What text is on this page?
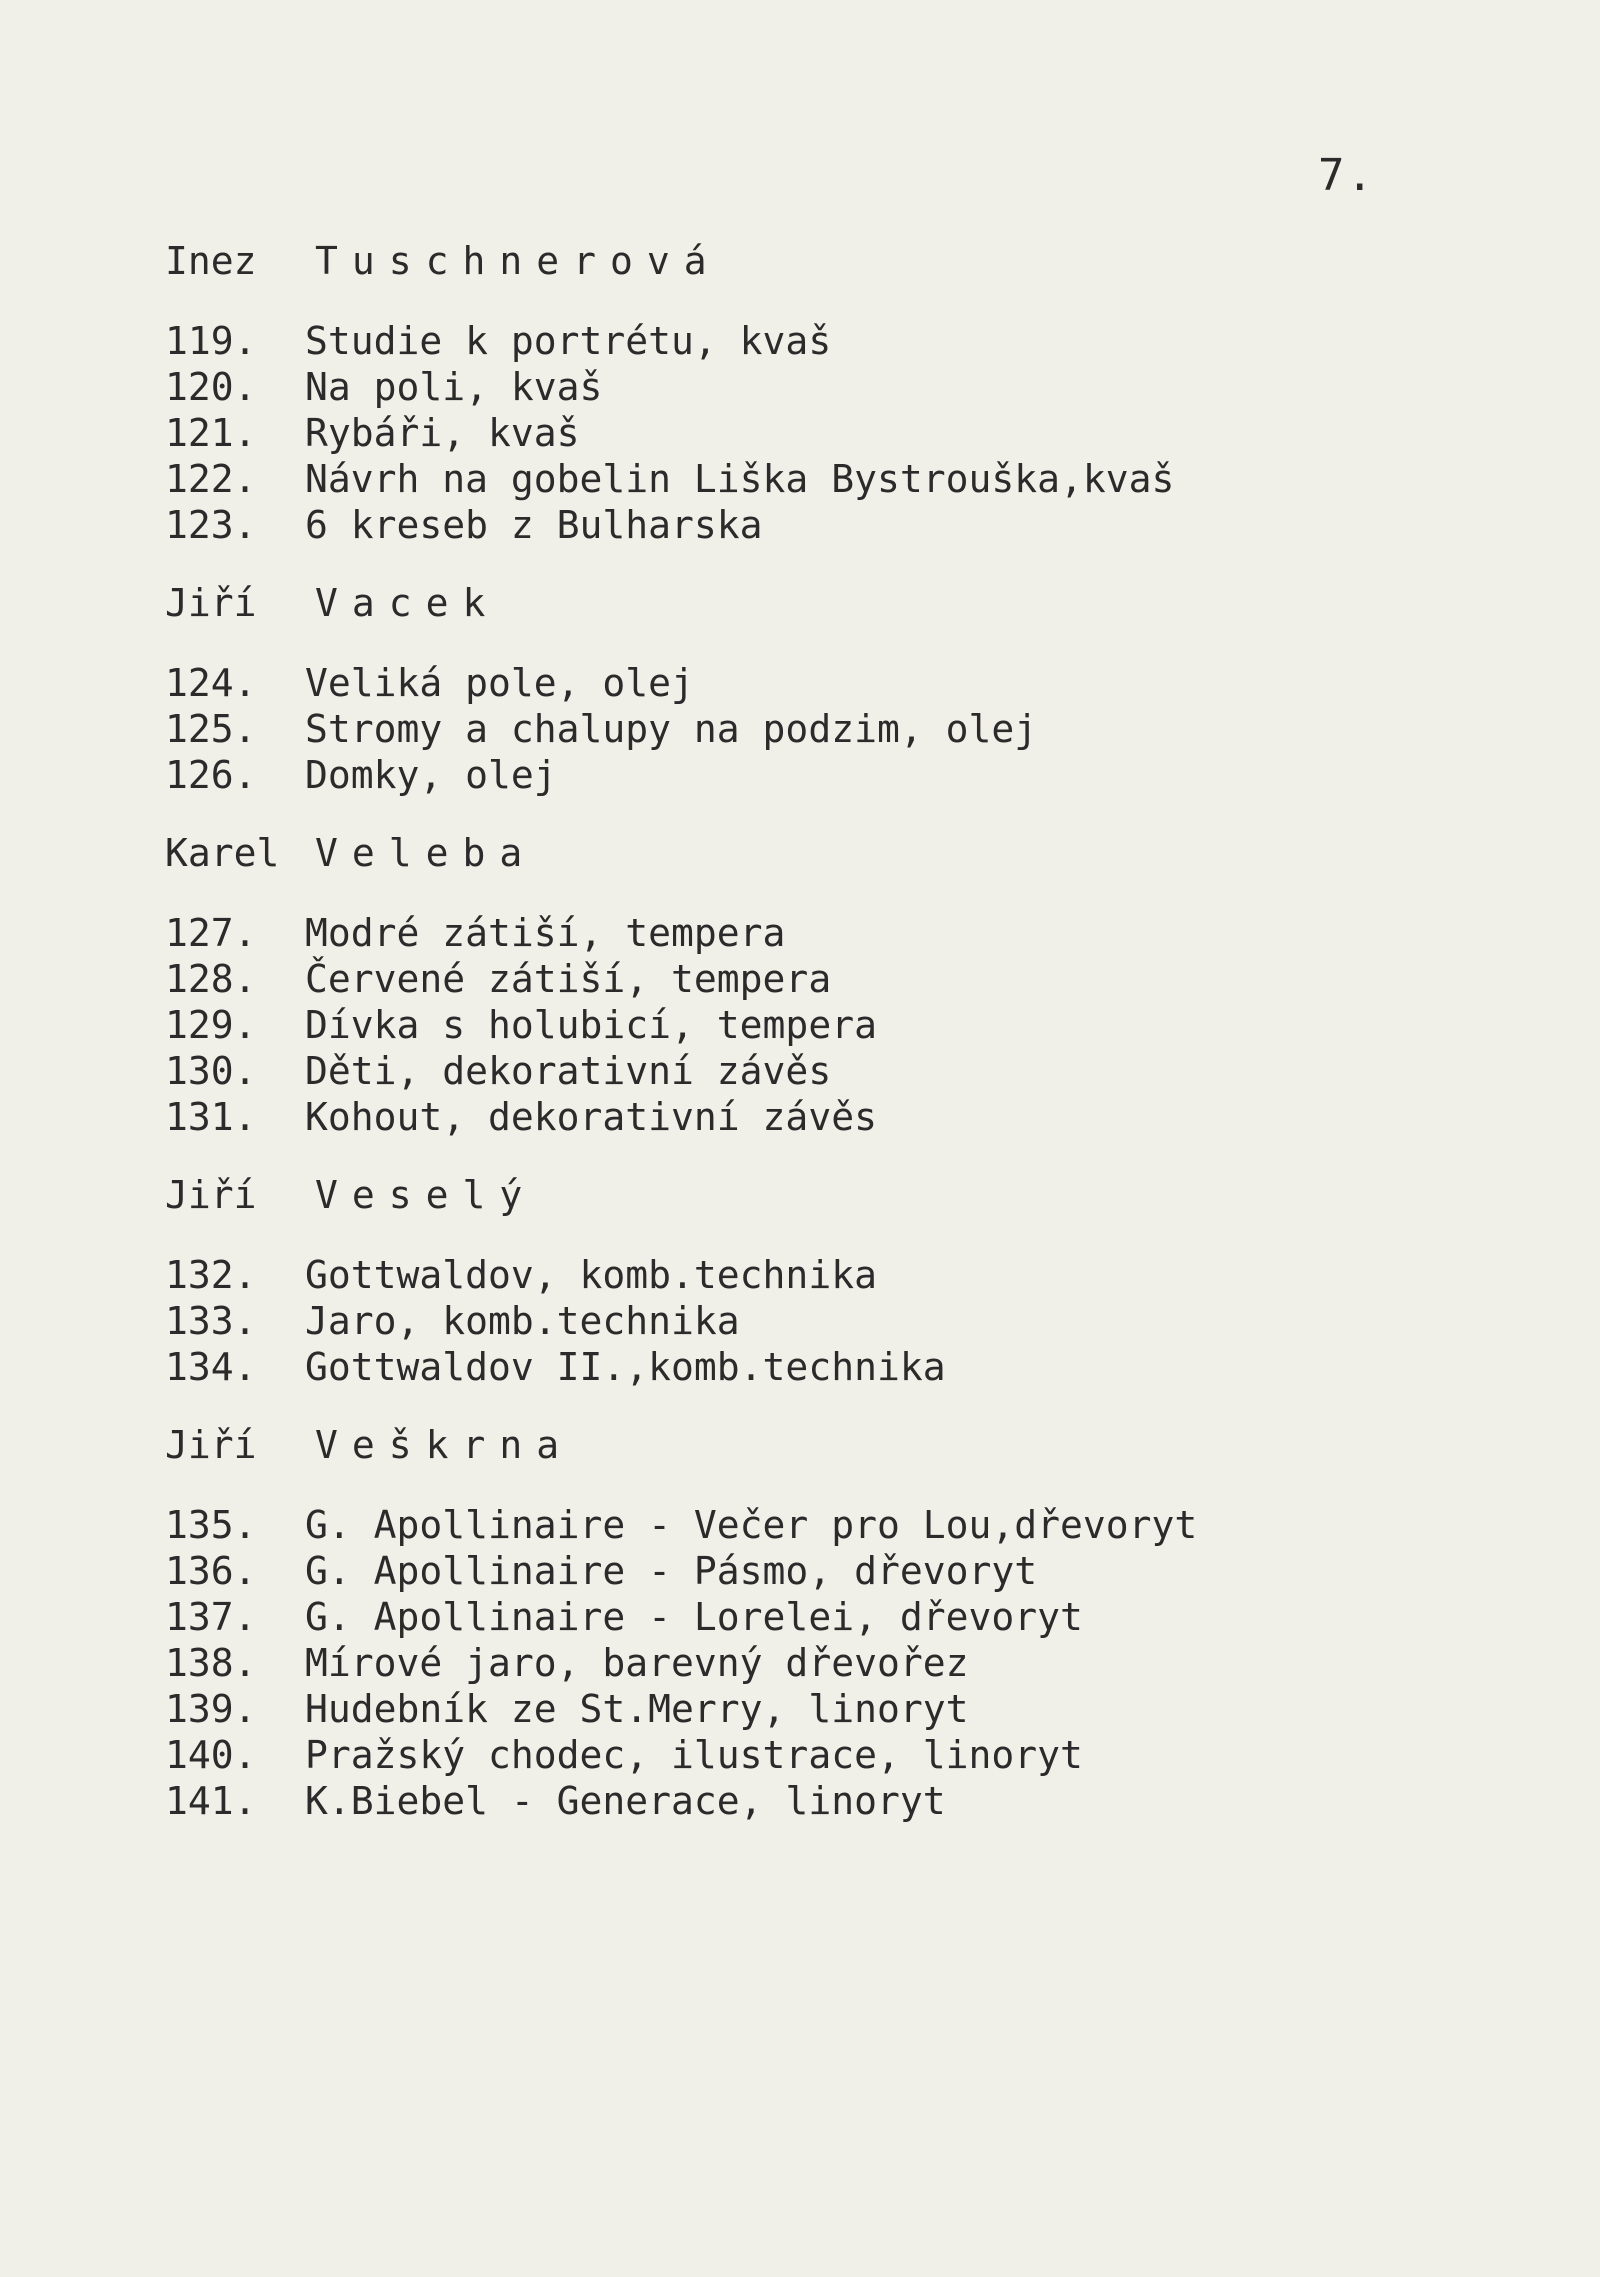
7.
Inez Tuschnerová
119. Studie k portrétu, kvaš
120. Na poli, kvaš
121. Rybáři, kvaš
122. Návrh na gobelin Liška Bystrouška,kvaš
123. 6 kreseb z Bulharska
Jiří Vacek
124. Veliká pole, olej
125. Stromy a chalupy na podzim, olej
126. Domky, olej
Karel Veleba
127. Modré zátiší, tempera
128. Červené zátiší, tempera
129. Dívka s holubicí, tempera
130. Děti, dekorativní závěs
131. Kohout, dekorativní závěs
Jiří Veselý
132. Gottwaldov, komb.technika
133. Jaro, komb.technika
134. Gottwaldov II.,komb.technika
Jiří Veškrna
135. G. Apollinaire - Večer pro Lou,dřevoryt
136. G. Apollinaire - Pásmo, dřevoryt
137. G. Apollinaire - Lorelei, dřevoryt
138. Mírové jaro, barevný dřevořez
139. Hudebník ze St.Merry, linoryt
140. Pražský chodec, ilustrace, linoryt
141. K.Biebel - Generace, linoryt
